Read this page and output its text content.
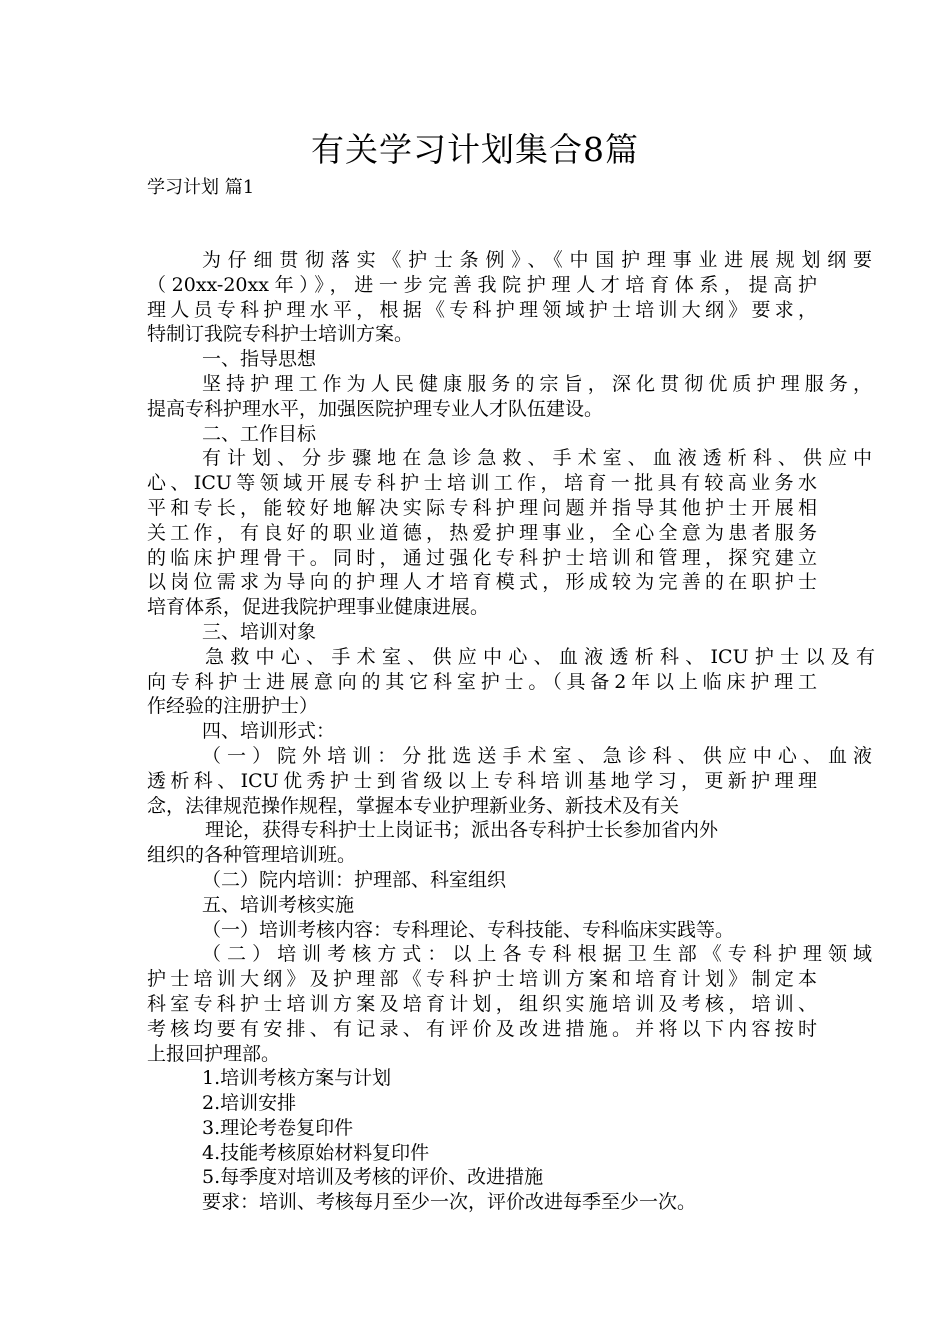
有关学习计划集合8篇
学习计划 篇1
为仔细贯彻落实《护士条例》、《中国护理事业进展规划纲要
（20xx-20xx年）》，进一步完善我院护理人才培育体系，提高护
理人员专科护理水平，根据《专科护理领域护士培训大纲》要求，
特制订我院专科护士培训方案。
一、指导思想
坚持护理工作为人民健康服务的宗旨，深化贯彻优质护理服务，
提高专科护理水平，加强医院护理专业人才队伍建设。
二、工作目标
有计划、分步骤地在急诊急救、手术室、血液透析科、供应中
心、ICU等领域开展专科护士培训工作，培育一批具有较高业务水
平和专长，能较好地解决实际专科护理问题并指导其他护士开展相
关工作，有良好的职业道德，热爱护理事业，全心全意为患者服务
的临床护理骨干。同时，通过强化专科护士培训和管理，探究建立
以岗位需求为导向的护理人才培育模式，形成较为完善的在职护士
培育体系，促进我院护理事业健康进展。
三、培训对象
急救中心、手术室、供应中心、血液透析科、ICU护士以及有
向专科护士进展意向的其它科室护士。（具备2年以上临床护理工
作经验的注册护士）
四、培训形式：
（一）院外培训：分批选送手术室、急诊科、供应中心、血液
透析科、ICU优秀护士到省级以上专科培训基地学习，更新护理理
念，法律规范操作规程，掌握本专业护理新业务、新技术及有关
理论，获得专科护士上岗证书；派出各专科护士长参加省内外
组织的各种管理培训班。
（二）院内培训：护理部、科室组织
五、培训考核实施
（一）培训考核内容：专科理论、专科技能、专科临床实践等。
（二）培训考核方式：以上各专科根据卫生部《专科护理领域
护士培训大纲》及护理部《专科护士培训方案和培育计划》制定本
科室专科护士培训方案及培育计划，组织实施培训及考核，培训、
考核均要有安排、有记录、有评价及改进措施。并将以下内容按时
上报回护理部。
1.培训考核方案与计划
2.培训安排
3.理论考卷复印件
4.技能考核原始材料复印件
5.每季度对培训及考核的评价、改进措施
要求：培训、考核每月至少一次，评价改进每季至少一次。
